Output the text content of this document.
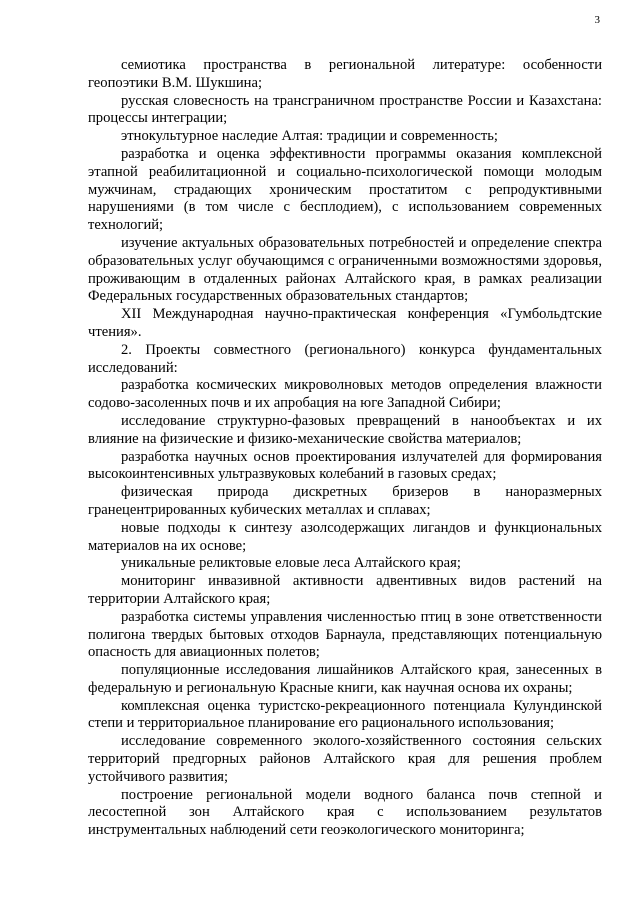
3

семиотика пространства в региональной литературе: особенности геопоэтики В.М. Шукшина;

русская словесность на трансграничном пространстве России и Казахстана: процессы интеграции;

этнокультурное наследие Алтая: традиции и современность;

разработка и оценка эффективности программы оказания комплексной этапной реабилитационной и социально-психологической помощи молодым мужчинам, страдающих хроническим простатитом с репродуктивными нарушениями (в том числе с бесплодием), с использованием современных технологий;

изучение актуальных образовательных потребностей и определение спектра образовательных услуг обучающимся с ограниченными возможностями здоровья, проживающим в отдаленных районах Алтайского края, в рамках реализации Федеральных государственных образовательных стандартов;

XII Международная научно-практическая конференция «Гумбольдтские чтения».

2. Проекты совместного (регионального) конкурса фундаментальных исследований:

разработка космических микроволновых методов определения влажности содово-засоленных почв и их апробация на юге Западной Сибири;

исследование структурно-фазовых превращений в нанообъектах и их влияние на физические и физико-механические свойства материалов;

разработка научных основ проектирования излучателей для формирования высокоинтенсивных ультразвуковых колебаний в газовых средах;

физическая природа дискретных бризеров в наноразмерных гранецентрированных кубических металлах и сплавах;

новые подходы к синтезу азолсодержащих лигандов и функциональных материалов на их основе;

уникальные реликтовые еловые леса Алтайского края;

мониторинг инвазивной активности адвентивных видов растений на территории Алтайского края;

разработка системы управления численностью птиц в зоне ответственности полигона твердых бытовых отходов Барнаула, представляющих потенциальную опасность для авиационных полетов;

популяционные исследования лишайников Алтайского края, занесенных в федеральную и региональную Красные книги, как научная основа их охраны;

комплексная оценка туристско-рекреационного потенциала Кулундинской степи и территориальное планирование его рационального использования;

исследование современного эколого-хозяйственного состояния сельских территорий предгорных районов Алтайского края для решения проблем устойчивого развития;

построение региональной модели водного баланса почв степной и лесостепной зон Алтайского края с использованием результатов инструментальных наблюдений сети геоэкологического мониторинга;
